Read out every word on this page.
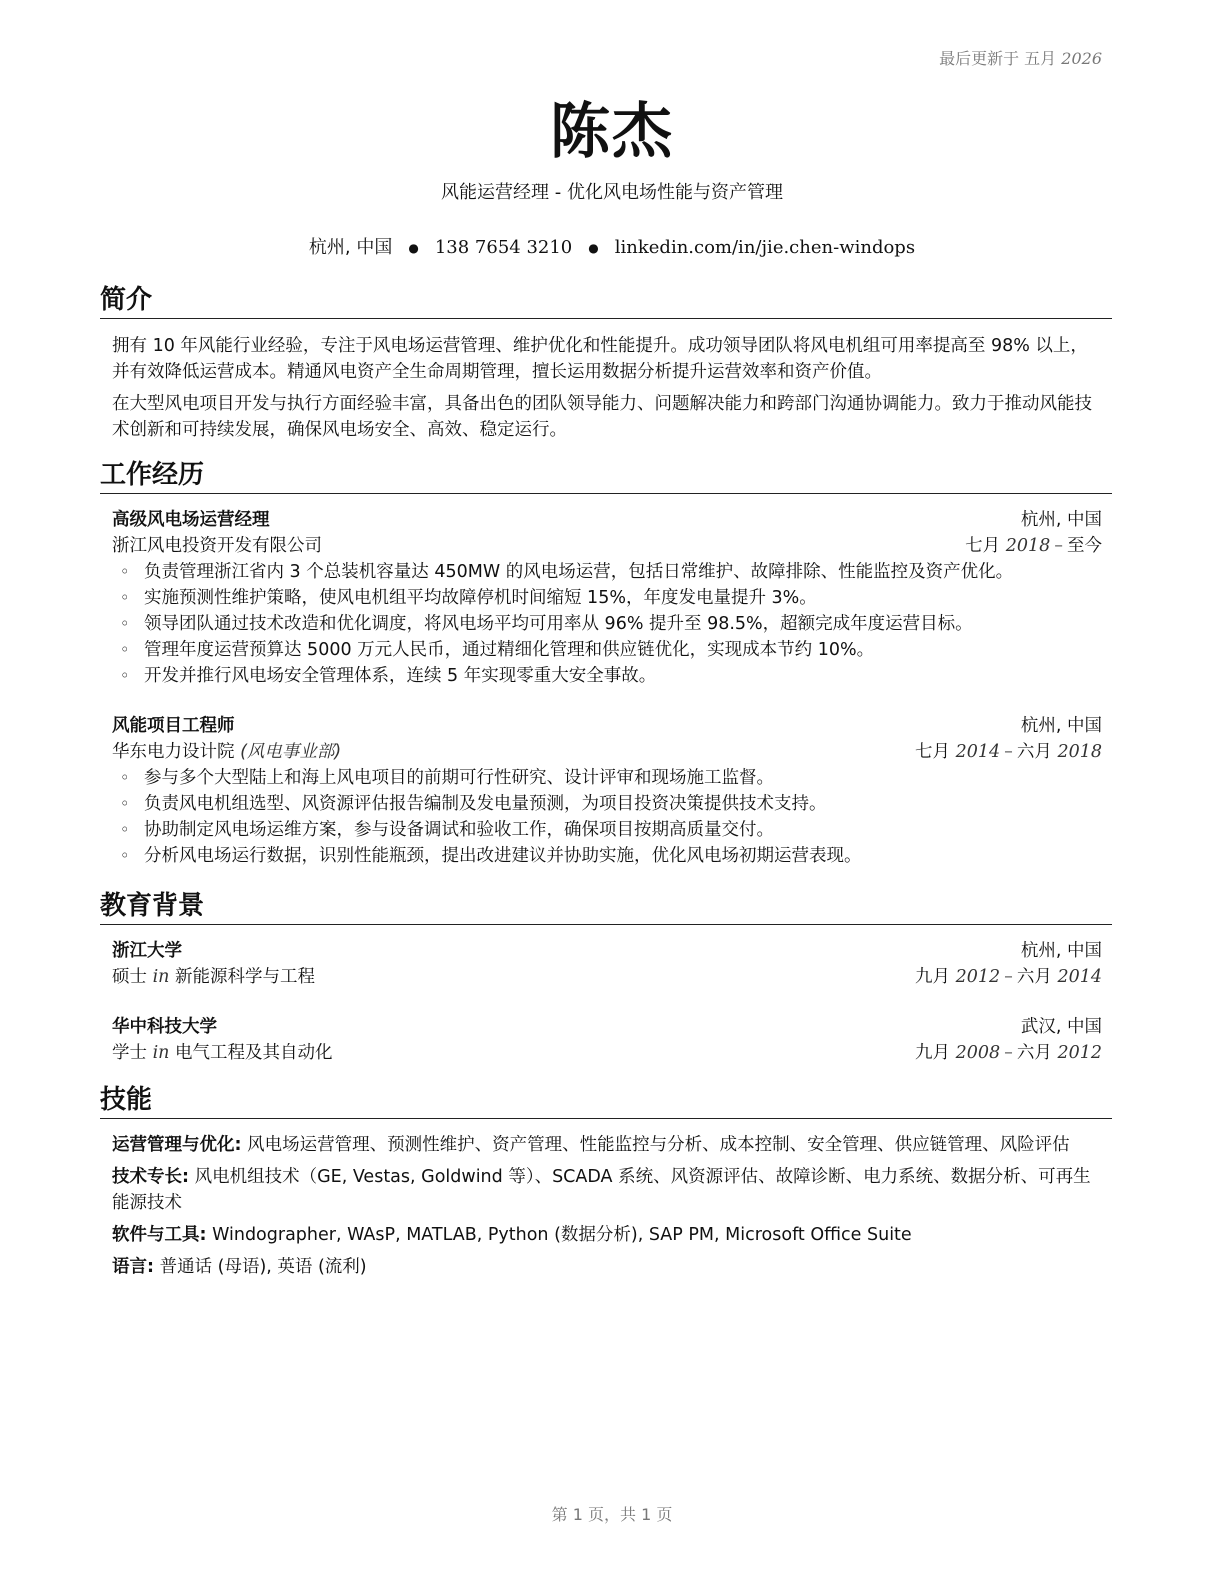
最后更新于 五月 2026
陈杰
风能运营经理 - 优化风电场性能与资产管理
杭州, 中国 ● 138 7654 3210 ● linkedin.com/in/jie.chen-windops
简介

拥有 10 年风能行业经验，专注于风电场运营管理、维护优化和性能提升。成功领导团队将风电机组可用率提高至 98% 以上，并有效降低运营成本。精通风电资产全生命周期管理，擅长运用数据分析提升运营效率和资产价值。

在大型风电项目开发与执行方面经验丰富，具备出色的团队领导能力、问题解决能力和跨部门沟通协调能力。致力于推动风能技术创新和可持续发展，确保风电场安全、高效、稳定运行。

工作经历
高级风电场运营经理	杭州, 中国
浙江风电投资开发有限公司	七月 2018 – 至今
◦ 负责管理浙江省内 3 个总装机容量达 450MW 的风电场运营，包括日常维护、故障排除、性能监控及资产优化。
◦ 实施预测性维护策略，使风电机组平均故障停机时间缩短 15%，年度发电量提升 3%。
◦ 领导团队通过技术改造和优化调度，将风电场平均可用率从 96% 提升至 98.5%，超额完成年度运营目标。
◦ 管理年度运营预算达 5000 万元人民币，通过精细化管理和供应链优化，实现成本节约 10%。
◦ 开发并推行风电场安全管理体系，连续 5 年实现零重大安全事故。
风能项目工程师	杭州, 中国
华东电力设计院 (风电事业部)	七月 2014 – 六月 2018
◦ 参与多个大型陆上和海上风电项目的前期可行性研究、设计评审和现场施工监督。
◦ 负责风电机组选型、风资源评估报告编制及发电量预测，为项目投资决策提供技术支持。
◦ 协助制定风电场运维方案，参与设备调试和验收工作，确保项目按期高质量交付。
◦ 分析风电场运行数据，识别性能瓶颈，提出改进建议并协助实施，优化风电场初期运营表现。
教育背景
浙江大学	杭州, 中国
硕士 in 新能源科学与工程	九月 2012 – 六月 2014
华中科技大学	武汉, 中国
学士 in 电气工程及其自动化	九月 2008 – 六月 2012
技能
运营管理与优化: 风电场运营管理、预测性维护、资产管理、性能监控与分析、成本控制、安全管理、供应链管理、风险评估
技术专长: 风电机组技术（GE, Vestas, Goldwind 等）、SCADA 系统、风资源评估、故障诊断、电力系统、数据分析、可再生能源技术
软件与工具: Windographer, WAsP, MATLAB, Python (数据分析), SAP PM, Microsoft Office Suite
语言: 普通话 (母语), 英语 (流利)
第 1 页，共 1 页
